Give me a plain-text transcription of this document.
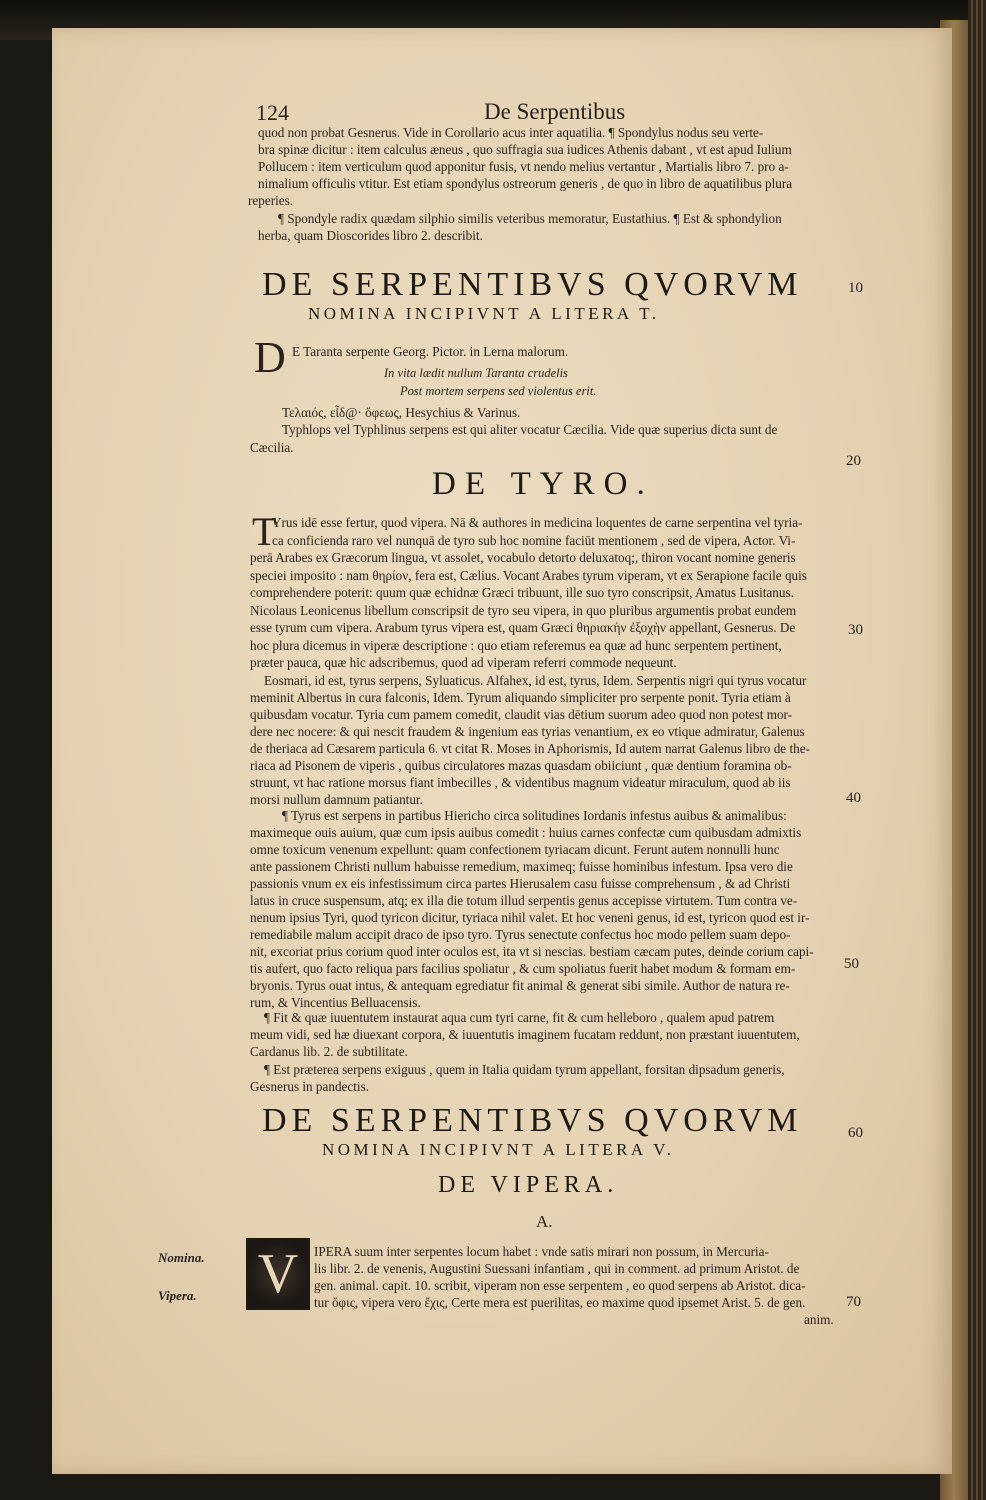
124	De Serpentibus
quod non probat Gesnerus. Vide in Corollario acus inter aquatilia. ¶ Spondylus nodus seu verte-
bra spinæ dicitur : item calculus æneus , quo suffragia sua iudices Athenis dabant , vt est apud Iulium
Pollucem : item verticulum quod apponitur fusis, vt nendo melius vertantur , Martialis libro 7. pro a-
nimalium officulis vtitur. Est etiam spondylus ostreorum generis , de quo in libro de aquatilibus plura
reperies.
¶ Spondyle radix quædam silphio similis veteribus memoratur, Eustathius. ¶ Est & sphondylion
herba, quam Dioscorides libro 2. describit.
DE SERPENTIBVS QVORVM
NOMINA INCIPIVNT A LITERA T.
10
D E Taranta serpente Georg. Pictor. in Lerna malorum.
In vita lædit nullum Taranta crudelis
Post mortem serpens sed violentus erit.
Τελαιός, εἶδ@· ὄφεως, Hesychius & Varinus.
Typhlops vel Typhlinus serpens est qui aliter vocatur Cæcilia. Vide quæ superius dicta sunt de
Cæcilia.
20
DE TYRO.
T
Yrus idē esse fertur, quod vipera. Nā & authores in medicina loquentes de carne serpentina vel tyria-
ca conficienda raro vel nunquā de tyro sub hoc nomine faciūt mentionem , sed de vipera, Actor. Vi-
perā Arabes ex Græcorum lingua, vt assolet, vocabulo detorto deluxatoq;, thiron vocant nomine generis
speciei imposito : nam θηρίον, fera est, Cælius. Vocant Arabes tyrum viperam, vt ex Serapione facile quis
comprehendere poterit: quum quæ echidnæ Græci tribuunt, ille suo tyro conscripsit, Amatus Lusitanus.
Nicolaus Leonicenus libellum conscripsit de tyro seu vipera, in quo pluribus argumentis probat eundem
esse tyrum cum vipera. Arabum tyrus vipera est, quam Græci θηριακὴν ἐξοχὴν appellant, Gesnerus. De
hoc plura dicemus in viperæ descriptione : quo etiam referemus ea quæ ad hunc serpentem pertinent,
præter pauca, quæ hic adscribemus, quod ad viperam referri commode nequeunt.
30
Eosmari, id est, tyrus serpens, Syluaticus. Alfahex, id est, tyrus, Idem. Serpentis nigri qui tyrus vocatur
meminit Albertus in cura falconis, Idem. Tyrum aliquando simpliciter pro serpente ponit. Tyria etiam à
quibusdam vocatur. Tyria cum pamem comedit, claudit vias dētium suorum adeo quod non potest mor-
dere nec nocere: & qui nescit fraudem & ingenium eas tyrias venantium, ex eo vtique admiratur, Galenus
de theriaca ad Cæsarem particula 6. vt citat R. Moses in Aphorismis, Id autem narrat Galenus libro de the-
riaca ad Pisonem de viperis , quibus circulatores mazas quasdam obiiciunt , quæ dentium foramina ob-
struunt, vt hac ratione morsus fiant imbecilles , & videntibus magnum videatur miraculum, quod ab iis
morsi nullum damnum patiantur.	40
¶ Tyrus est serpens in partibus Hiericho circa solitudines Iordanis infestus auibus & animalibus:
maximeque ouis auium, quæ cum ipsis auibus comedit : huius carnes confectæ cum quibusdam admixtis
omne toxicum venenum expellunt: quam confectionem tyriacam dicunt. Ferunt autem nonnulli hunc
ante passionem Christi nullum habuisse remedium, maximeq; fuisse hominibus infestum. Ipsa vero die
passionis vnum ex eis infestissimum circa partes Hierusalem casu fuisse comprehensum , & ad Christi
latus in cruce suspensum, atq; ex illa die totum illud serpentis genus accepisse virtutem. Tum contra ve-
nenum ipsius Tyri, quod tyricon dicitur, tyriaca nihil valet. Et hoc veneni genus, id est, tyricon quod est ir-
remediabile malum accipit draco de ipso tyro. Tyrus senectute confectus hoc modo pellem suam depo-
nit, excoriat prius corium quod inter oculos est, ita vt si nescias. bestiam cæcam putes, deinde corium capi-
tis aufert, quo facto reliqua pars facilius spoliatur , & cum spoliatus fuerit habet modum & formam em-
bryonis. Tyrus ouat intus, & antequam egrediatur fit animal & generat sibi simile. Author de natura re-
rum, & Vincentius Belluacensis.
50
¶ Fit & quæ iuuentutem instaurat aqua cum tyri carne, fit & cum helleboro , qualem apud patrem
meum vidi, sed hæ diuexant corpora, & iuuentutis imaginem fucatam reddunt, non præstant iuuentutem,
Cardanus lib. 2. de subtilitate.
¶ Est præterea serpens exiguus , quem in Italia quidam tyrum appellant, forsitan dipsadum generis,
Gesnerus in pandectis.
DE SERPENTIBVS QVORVM
NOMINA INCIPIVNT A LITERA V.
60
DE VIPERA.
A.
Nomina.
Vipera. V	IPERA suum inter serpentes locum habet : vnde satis mirari non possum, in Mercuria-
lis libr. 2. de venenis, Augustini Suessani infantiam , qui in comment. ad primum Aristot. de
gen. animal. capit. 10. scribit, viperam non esse serpentem , eo quod serpens ab Aristot. dica-
tur ὄφις, vipera vero ἔχις, Certe mera est puerilitas, eo maxime quod ipsemet Arist. 5. de gen.
anim.
70
